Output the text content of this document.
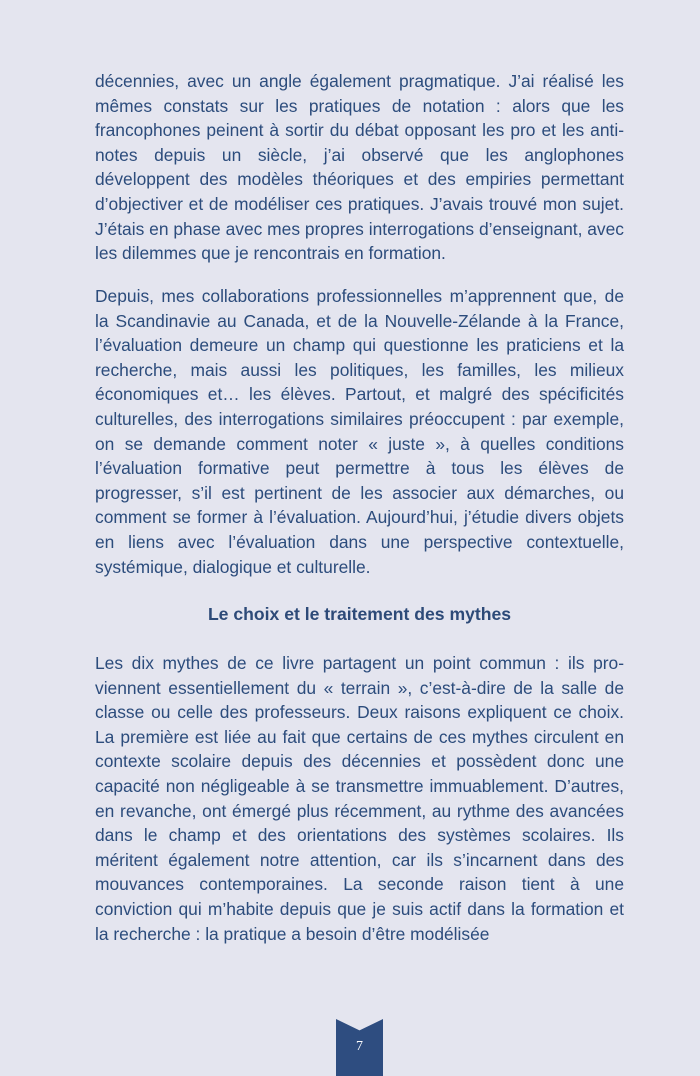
décennies, avec un angle également pragmatique. J’ai réalisé les mêmes constats sur les pratiques de notation : alors que les francophones peinent à sortir du débat opposant les pro et les anti-notes depuis un siècle, j’ai observé que les anglophones développent des modèles théoriques et des empiries permettant d’objectiver et de modéliser ces pratiques. J’avais trouvé mon sujet. J’étais en phase avec mes propres interrogations d’enseignant, avec les dilemmes que je rencontrais en formation.

Depuis, mes collaborations professionnelles m’apprennent que, de la Scandinavie au Canada, et de la Nouvelle-Zélande à la France, l’évaluation demeure un champ qui questionne les praticiens et la recherche, mais aussi les politiques, les familles, les milieux économiques et… les élèves. Partout, et malgré des spécificités culturelles, des interrogations similaires préoccupent : par exemple, on se demande comment noter « juste », à quelles conditions l’évaluation formative peut permettre à tous les élèves de progresser, s’il est pertinent de les associer aux démarches, ou comment se former à l’évaluation. Aujourd’hui, j’étudie divers objets en liens avec l’évaluation dans une perspective contextuelle, systémique, dialogique et culturelle.

Le choix et le traitement des mythes

Les dix mythes de ce livre partagent un point commun : ils proviennent essentiellement du « terrain », c’est-à-dire de la salle de classe ou celle des professeurs. Deux raisons expliquent ce choix. La première est liée au fait que certains de ces mythes circulent en contexte scolaire depuis des décennies et possèdent donc une capacité non négligeable à se transmettre immuablement. D’autres, en revanche, ont émergé plus récemment, au rythme des avancées dans le champ et des orientations des systèmes scolaires. Ils méritent également notre attention, car ils s’incarnent dans des mouvances contemporaines. La seconde raison tient à une conviction qui m’habite depuis que je suis actif dans la formation et la recherche : la pratique a besoin d’être modélisée

7
